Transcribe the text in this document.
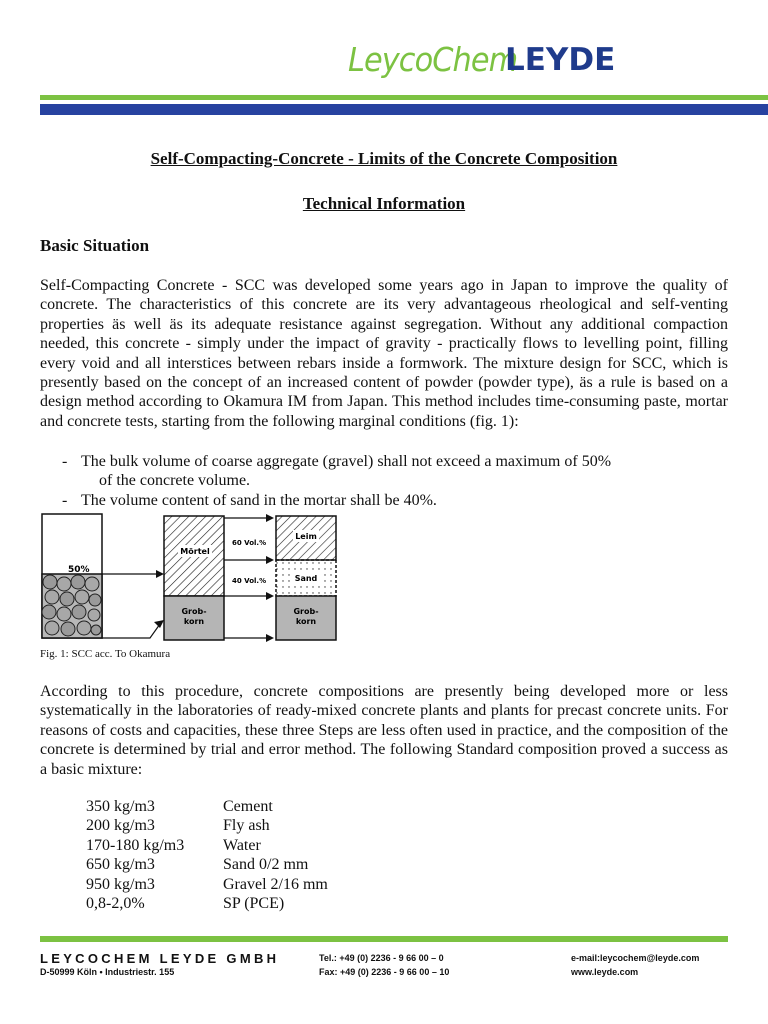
LeycoChem
LEYDE
Self-Compacting-Concrete - Limits of the Concrete Composition
Technical Information
Basic Situation
Self-Compacting Concrete - SCC was developed some years ago in Japan to improve the quality of concrete. The characteristics of this concrete are its very advantageous rheological and self-venting properties äs well äs its adequate resistance against segregation. Without any additional compaction needed, this concrete - simply under the impact of gravity - practically flows to levelling point, filling every void and all interstices between rebars inside a formwork. The mixture design for SCC, which is presently based on the concept of an increased content of powder (powder type), äs a rule is based on a design method according to Okamura IM from Japan. This method includes time-consuming paste, mortar and concrete tests, starting from the following marginal conditions (fig. 1):
- The bulk volume of coarse aggregate (gravel) shall not exceed a maximum of 50%
of the concrete volume.
- The volume content of sand in the mortar shall be 40%.
50%
Mörtel
Grob-
korn
60 Vol.%
40 Vol.%
Leim
Sand
Grob-
korn
Fig. 1: SCC acc. To Okamura
According to this procedure, concrete compositions are presently being developed more or less systematically in the laboratories of ready-mixed concrete plants and plants for precast concrete units. For reasons of costs and capacities, these three Steps are less often used in practice, and the composition of the concrete is determined by trial and error method. The following Standard composition proved a success as a basic mixture:
350 kg/m3	Cement
200 kg/m3	Fly ash
170-180 kg/m3 Water
650 kg/m3	Sand 0/2 mm
950 kg/m3	Gravel 2/16 mm
0,8-2,0%	SP (PCE)
LEYCOCHEM LEYDE GMBH
D-50999 Köln • Industriestr. 155
Tel.: +49 (0) 2236 - 9 66 00 – 0
Fax: +49 (0) 2236 - 9 66 00 – 10
e-mail:leycochem@leyde.com
www.leyde.com
